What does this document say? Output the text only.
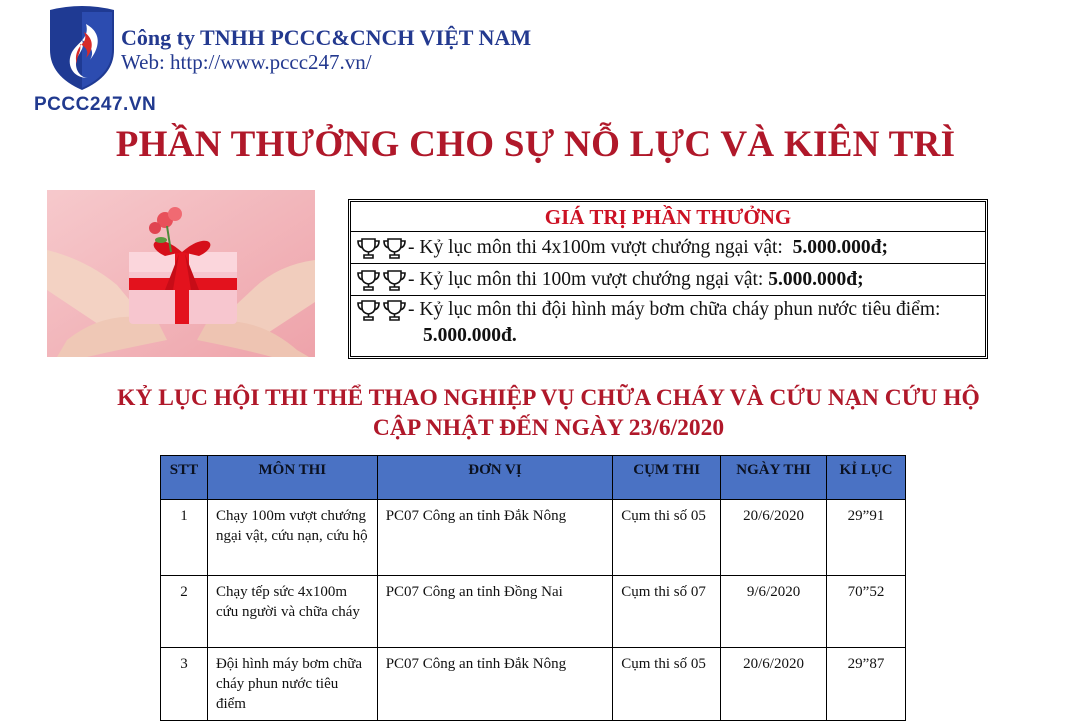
PCCC247.VN
Công ty TNHH PCCC&CNCH VIỆT NAM
Web: http://www.pccc247.vn/
PHẦN THƯỞNG CHO SỰ NỖ LỰC VÀ KIÊN TRÌ
GIÁ TRỊ PHẦN THƯỞNG
- Kỷ lục môn thi 4x100m vượt chướng ngại vật:
5.000.000đ;
- Kỷ lục môn thi 100m vượt chướng ngại vật:
5.000.000đ;
- Kỷ lục môn thi đội hình máy bơm chữa cháy phun nước tiêu điểm:
5.000.000đ.
KỶ LỤC HỘI THI THỂ THAO NGHIỆP VỤ CHỮA CHÁY VÀ CỨU NẠN CỨU HỘ
CẬP NHẬT ĐẾN NGÀY 23/6/2020
STT	MÔN THI	ĐƠN VỊ	CỤM THI	NGÀY THI	KỈ LỤC
1	Chạy 100m vượt chướng ngại vật, cứu nạn, cứu hộ	PC07 Công an tỉnh Đắk Nông	Cụm thi số 05	20/6/2020	29”91
2	Chạy tếp sức 4x100m cứu người và chữa cháy	PC07 Công an tỉnh Đồng Nai	Cụm thi số 07	9/6/2020	70”52
3	Đội hình máy bơm chữa cháy phun nước tiêu điểm	PC07 Công an tỉnh Đắk Nông	Cụm thi số 05	20/6/2020	29”87
